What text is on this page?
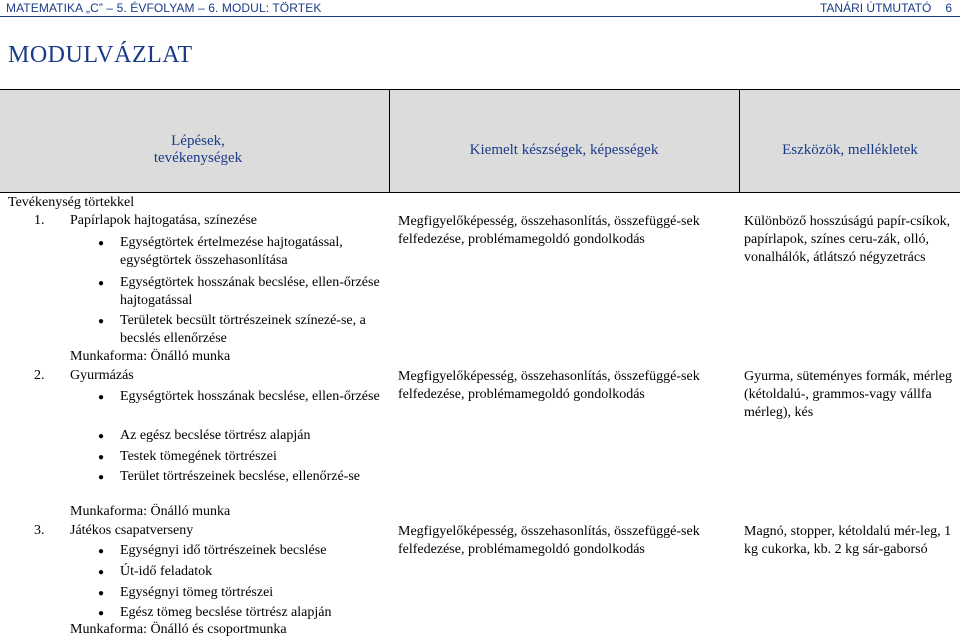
MATEMATIKA „C” – 5. ÉVFOLYAM – 6. MODUL: TÖRTEK	TANÁRI ÚTMUTATÓ 6
MODULVÁZLAT
Lépések,
tevékenységek
Kiemelt készségek, képességek	Eszközök, mellékletek
Tevékenység törtekkel
1. Papírlapok hajtogatása, színezése
● Egységtörtek értelmezése hajtogatással, egységtörtek összehasonlítása
● Egységtörtek hosszának becslése, ellen-őrzése hajtogatással
● Területek becsült törtrészeinek színezé-se, a becslés ellenőrzése
Munkaforma: Önálló munka
Megfigyelőképesség, összehasonlítás, összefüggé-sek felfedezése, problémamegoldó gondolkodás
Különböző hosszúságú papír-csíkok, papírlapok, színes ceru-zák, olló, vonalhálók, átlátszó négyzetrács
2. Gyurmázás
● Egységtörtek hosszának becslése, ellen-őrzése
● Az egész becslése törtrész alapján
● Testek tömegének törtrészei
● Terület törtrészeinek becslése, ellenőrzé-se
Munkaforma: Önálló munka
Megfigyelőképesség, összehasonlítás, összefüggé-sek felfedezése, problémamegoldó gondolkodás
Gyurma, süteményes formák, mérleg (kétoldalú-, grammos-vagy vállfa mérleg), kés
3. Játékos csapatverseny
● Egységnyi idő törtrészeinek becslése
● Út-idő feladatok
● Egységnyi tömeg törtrészei
● Egész tömeg becslése törtrész alapján
Munkaforma: Önálló és csoportmunka
Megfigyelőképesség, összehasonlítás, összefüggé-sek felfedezése, problémamegoldó gondolkodás
Magnó, stopper, kétoldalú mér-leg, 1 kg cukorka, kb. 2 kg sár-gaborsó
